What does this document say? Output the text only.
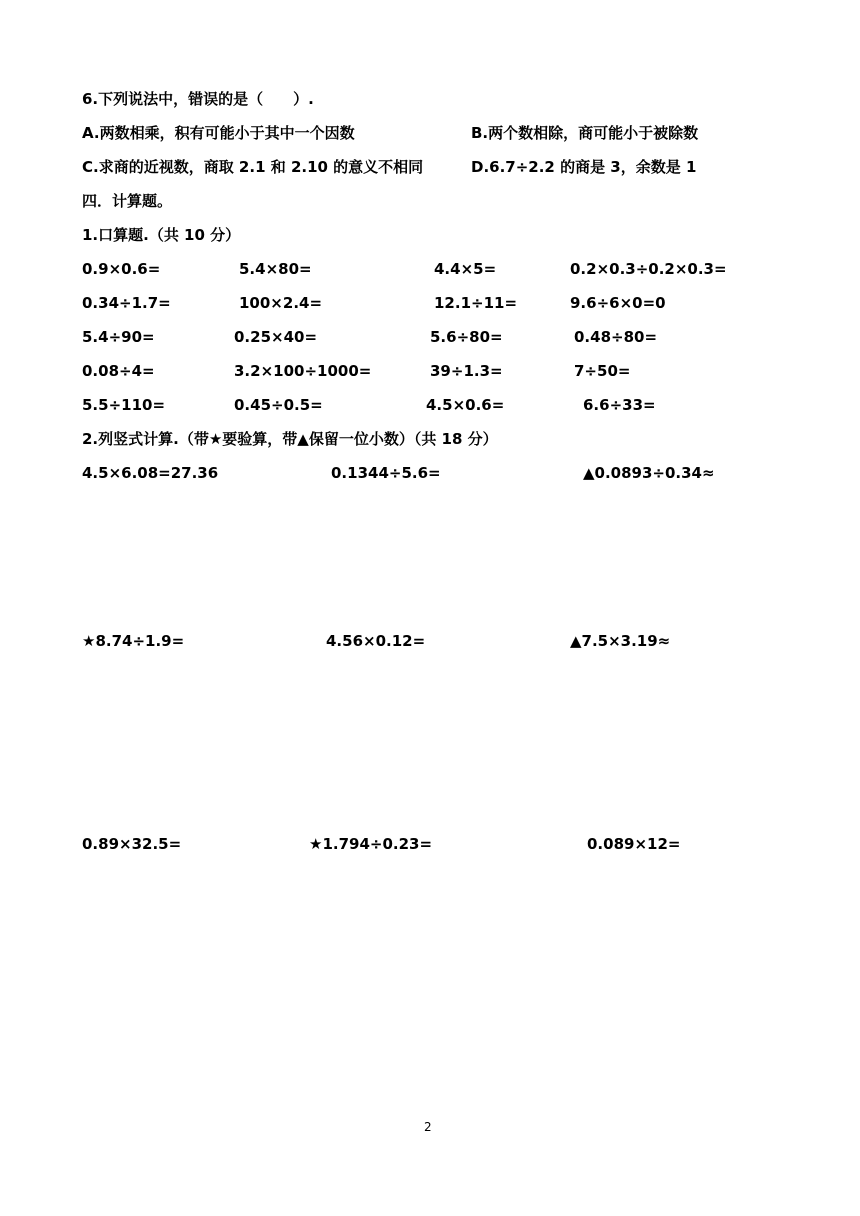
6.下列说法中，错误的是（　　）.
A.两数相乘，积有可能小于其中一个因数	B.两个数相除，商可能小于被除数
C.求商的近视数，商取 2.1 和 2.10 的意义不相同	D.6.7÷2.2 的商是 3，余数是 1
四．计算题。
1.口算题.（共 10 分）
0.9×0.6=	5.4×80=	4.4×5=	0.2×0.3÷0.2×0.3=
0.34÷1.7=	100×2.4=	12.1÷11=	9.6÷6×0=0
5.4÷90=	0.25×40=	5.6÷80=	0.48÷80=
0.08÷4=	3.2×100÷1000=	39÷1.3=	7÷50=
5.5÷110=	0.45÷0.5=	4.5×0.6=	6.6÷33=
2.列竖式计算.（带★要验算，带▲保留一位小数）（共 18 分）
4.5×6.08=27.36	0.1344÷5.6=	▲0.0893÷0.34≈
★8.74÷1.9=	4.56×0.12=	▲7.5×3.19≈
0.89×32.5=	★1.794÷0.23=	0.089×12=
2
